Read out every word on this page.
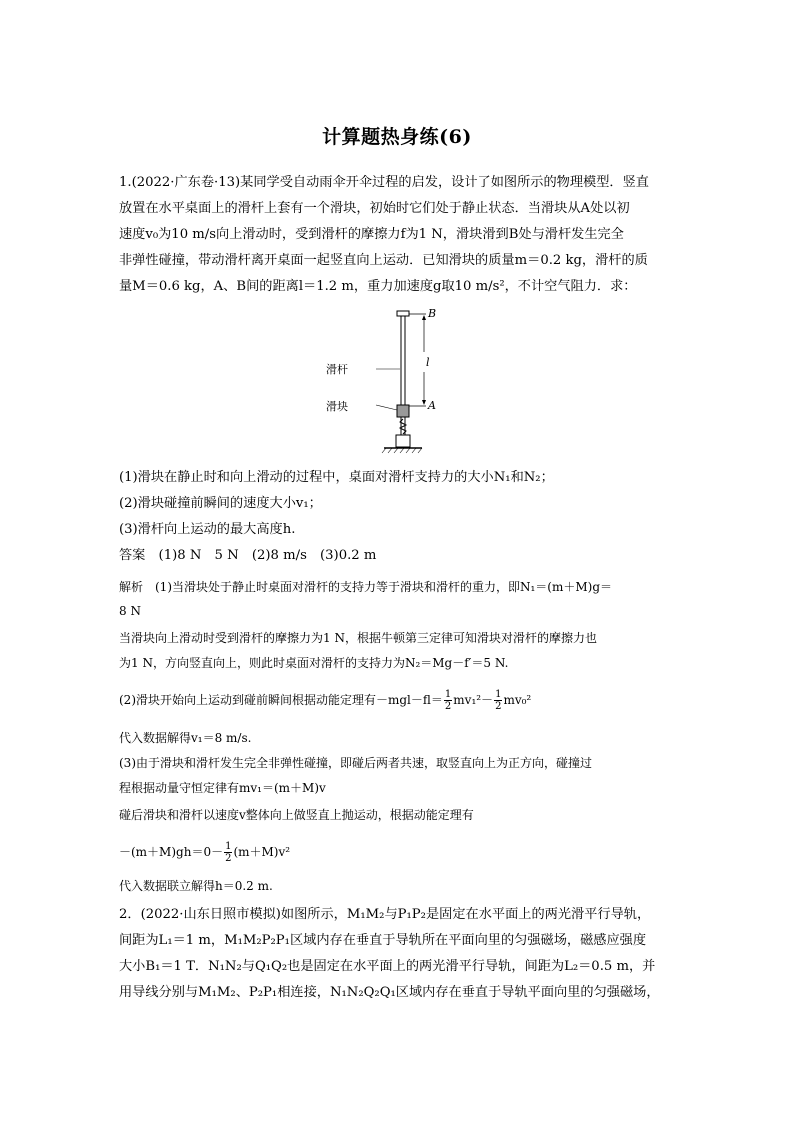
计算题热身练(6)
1.(2022·广东卷·13)某同学受自动雨伞开伞过程的启发，设计了如图所示的物理模型．竖直
放置在水平桌面上的滑杆上套有一个滑块，初始时它们处于静止状态．当滑块从A处以初
速度v₀为10 m/s向上滑动时，受到滑杆的摩擦力f为1 N，滑块滑到B处与滑杆发生完全
非弹性碰撞，带动滑杆离开桌面一起竖直向上运动．已知滑块的质量m＝0.2 kg，滑杆的质
量M＝0.6 kg，A、B间的距离l＝1.2 m，重力加速度g取10 m/s²，不计空气阻力．求：
滑杆
滑块
B
A
l
(1)滑块在静止时和向上滑动的过程中，桌面对滑杆支持力的大小N₁和N₂；
(2)滑块碰撞前瞬间的速度大小v₁；
(3)滑杆向上运动的最大高度h.
答案　(1)8 N　5 N　(2)8 m/s　(3)0.2 m
解析　(1)当滑块处于静止时桌面对滑杆的支持力等于滑块和滑杆的重力，即N₁＝(m＋M)g＝
8 N
当滑块向上滑动时受到滑杆的摩擦力为1 N，根据牛顿第三定律可知滑块对滑杆的摩擦力也
为1 N，方向竖直向上，则此时桌面对滑杆的支持力为N₂＝Mg－f′＝5 N.
(2)滑块开始向上运动到碰前瞬间根据动能定理有$-mgl-fl= \frac{1}{2} mv_1^2- \frac{1}{2} mv_0^2$
代入数据解得v₁＝8 m/s.
(3)由于滑块和滑杆发生完全非弹性碰撞，即碰后两者共速，取竖直向上为正方向，碰撞过
程根据动量守恒定律有mv₁＝(m＋M)v
碰后滑块和滑杆以速度v整体向上做竖直上抛运动，根据动能定理有
$-(m+M)gh=0- \frac{1}{2} (m+M)v^2$
代入数据联立解得h＝0.2 m.
2．(2022·山东日照市模拟)如图所示，M₁M₂与P₁P₂是固定在水平面上的两光滑平行导轨，
间距为L₁＝1 m，M₁M₂P₂P₁区域内存在垂直于导轨所在平面向里的匀强磁场，磁感应强度
大小B₁＝1 T．N₁N₂与Q₁Q₂也是固定在水平面上的两光滑平行导轨，间距为L₂＝0.5 m，并
用导线分别与M₁M₂、P₂P₁相连接，N₁N₂Q₂Q₁区域内存在垂直于导轨平面向里的匀强磁场，
